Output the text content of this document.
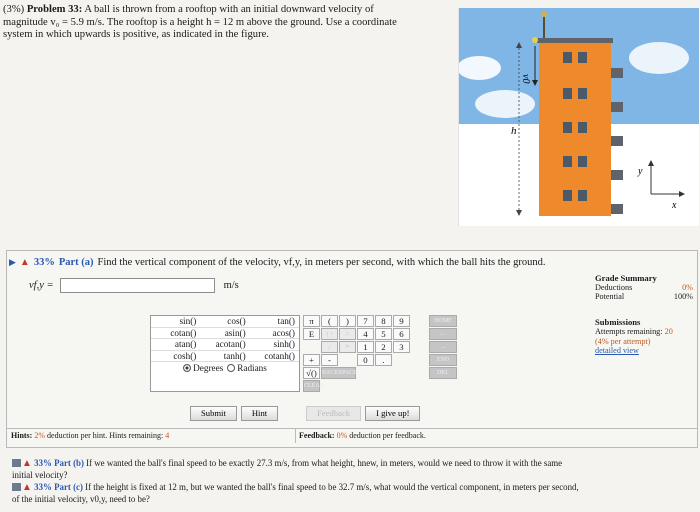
(3%) Problem 33: A ball is thrown from a rooftop with an initial downward velocity of
magnitude v₀ = 5.9 m/s. The rooftop is a height h = 12 m above the ground. Use a coordinate
system in which upwards is positive, as indicated in the figure.
v0
h
y
x
▶ ▲ 33% Part (a) Find the vertical component of the velocity, vf,y, in meters per second, with which the ball hits the ground.
vf,y =	m/s
Grade Summary
Deductions	0%
Potential	100%
Submissions
Attempts remaining: 20
(4% per attempt)
detailed view
sin()	cos()	tan()
cotan()	asin()	acos()
atan()	acotan()	sinh()
cosh()	tanh()	cotanh()
Degrees	Radians
π	(	)	7	8	9	HOME
E	↑↑	^	4	5	6	←
/	*	1	2	3	→
+	-	0	.	END
√() BACKSPACE	DEL
CLEAR
Submit	Hint	Feedback	I give up!
Hints: 2% deduction per hint. Hints remaining: 4	Feedback: 0% deduction per feedback.
▲ 33% Part (b) If we wanted the ball's final speed to be exactly 27.3 m/s, from what height, hnew, in meters, would we need to throw it with the same
initial velocity?
▲ 33% Part (c) If the height is fixed at 12 m, but we wanted the ball's final speed to be 32.7 m/s, what would the vertical component, in meters per second,
of the initial velocity, v0,y, need to be?
